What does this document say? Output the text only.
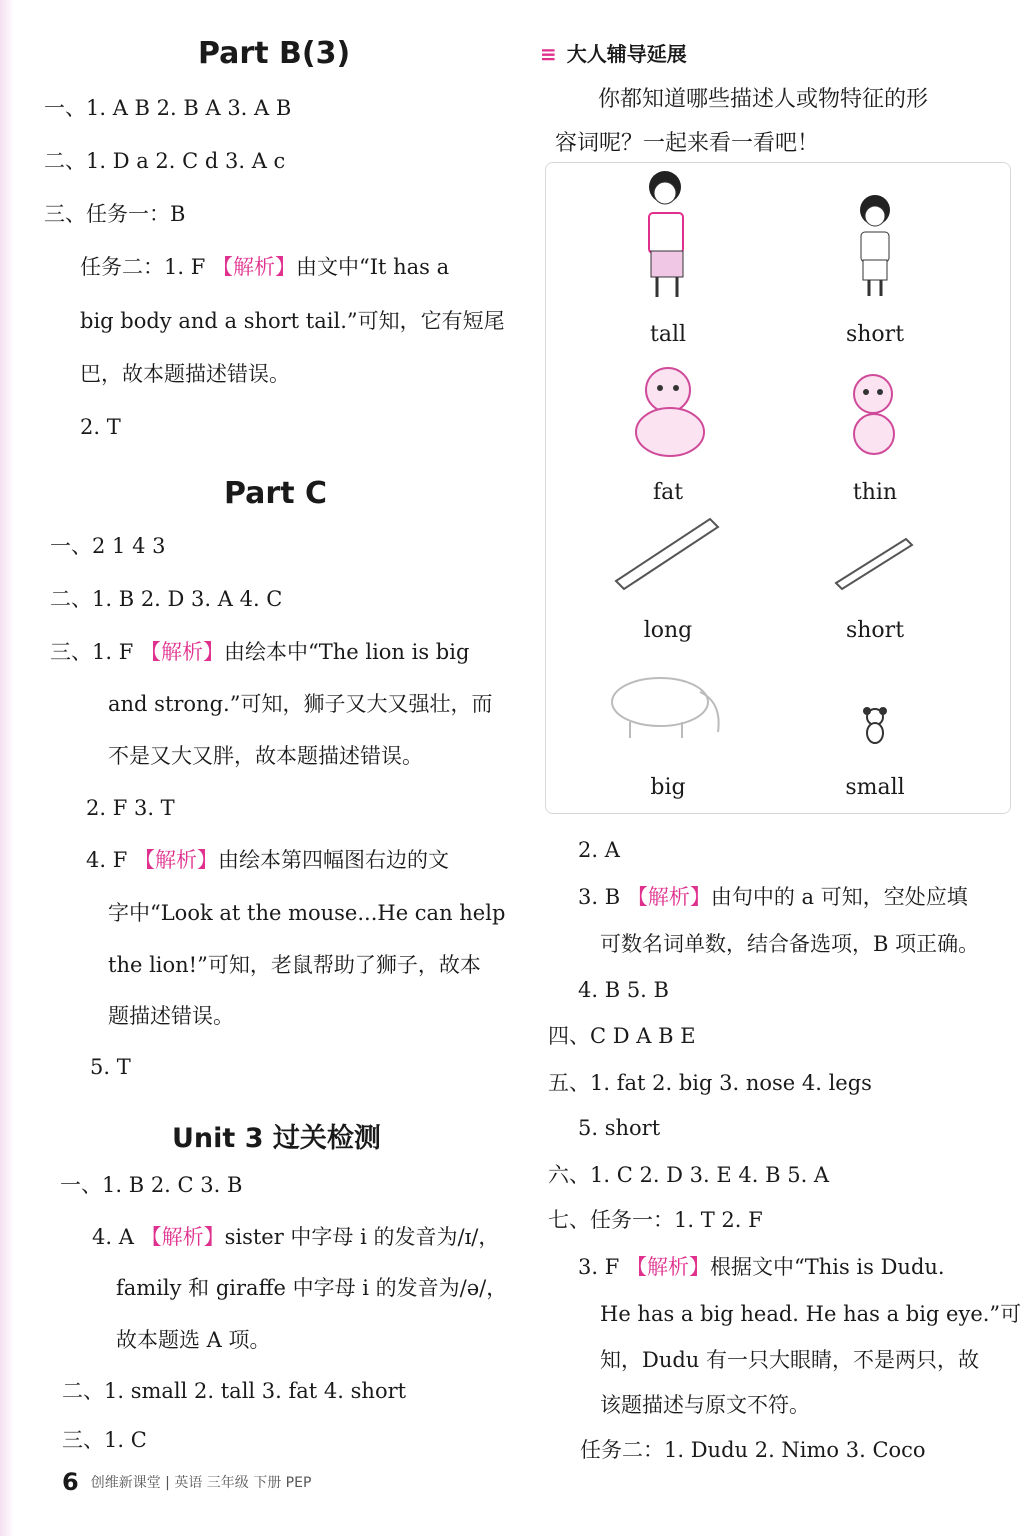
Part B(3)
一、1. A B 2. B A 3. A B
二、1. D a 2. C d 3. A c
三、任务一：B
任务二：1. F 【 解析 】 由文中“It has a
big body and a short tail.”可知，它有短尾
巴，故本题描述错误。
2. T
Part C
一、2 1 4 3
二、1. B 2. D 3. A 4. C
三、1. F 【 解析 】 由绘本中“The lion is big
and strong.”可知，狮子又大又强壮，而
不是又大又胖，故本题描述错误。
2. F 3. T
4. F 【 解析 】 由绘本第四幅图右边的文
字中“Look at the mouse...He can help
the lion!”可知，老鼠帮助了狮子，故本
题描述错误。
5. T
Unit 3 过关检测
一、1. B 2. C 3. B
4. A 【 解析 】 sister 中字母 i 的发音为/ɪ/，
family 和 giraffe 中字母 i 的发音为/ə/，
故本题选 A 项。
二、1. small 2. tall 3. fat 4. short
三、1. C
≡ 大人辅导延展
你都知道哪些描述人或物特征的形
容词呢？一起来看一看吧！
tall	short
fat	thin
long	short
big	small
2. A
3. B 【 解析 】 由句中的 a 可知，空处应填
可数名词单数，结合备选项，B 项正确。
4. B 5. B
四、C D A B E
五、1. fat 2. big 3. nose 4. legs
5. short
六、1. C 2. D 3. E 4. B 5. A
七、任务一：1. T 2. F
3. F 【 解析 】 根据文中“This is Dudu.
He has a big head. He has a big eye.”可
知，Dudu 有一只大眼睛，不是两只，故
该题描述与原文不符。
任务二：1. Dudu 2. Nimo 3. Coco
6 创维新课堂 | 英语 三年级 下册 PEP
